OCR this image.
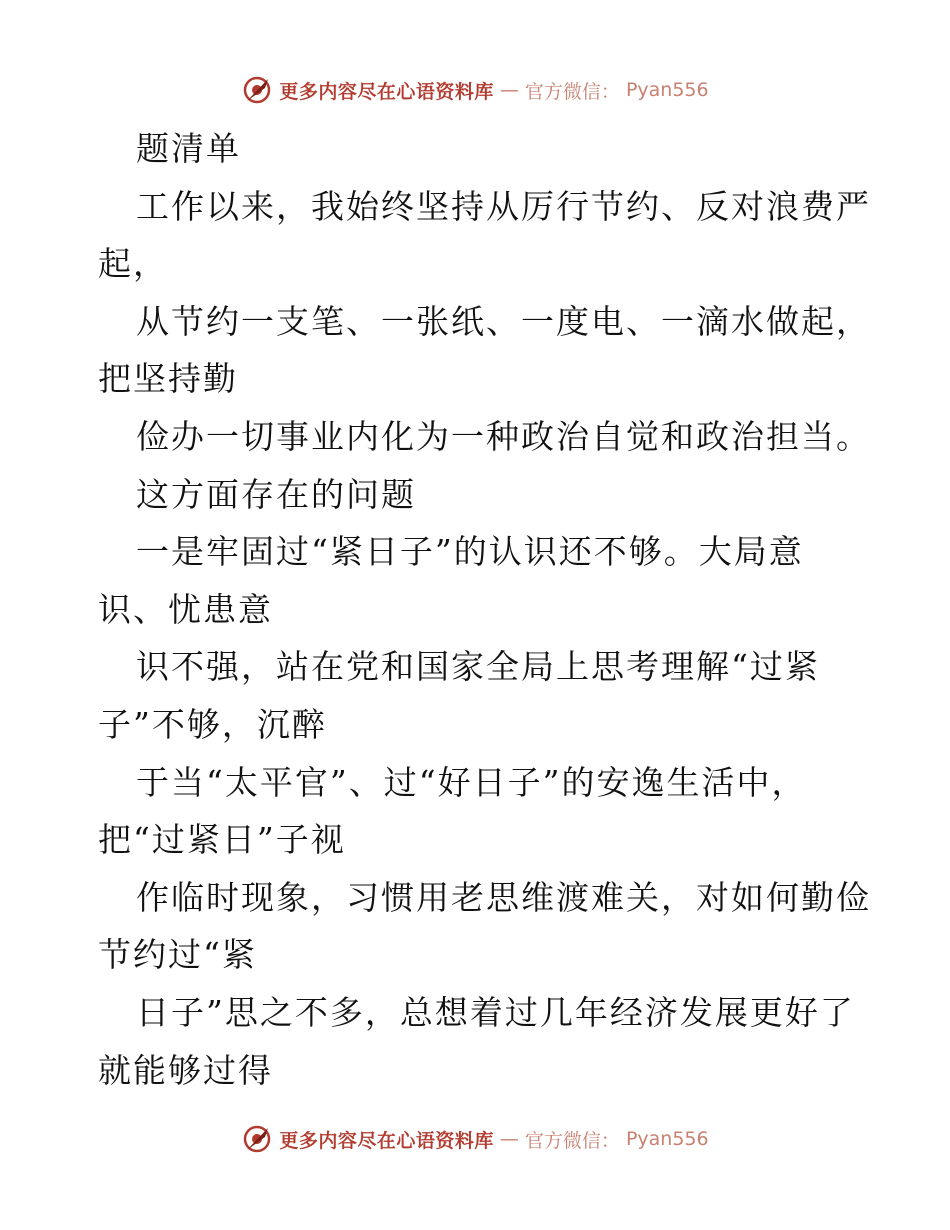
更多内容尽在心语资料库 — 官方微信： Pyan556
题清单
工作以来，我始终坚持从厉行节约、反对浪费严
起，
从节约一支笔、一张纸、一度电、一滴水做起，
把坚持勤
俭办一切事业内化为一种政治自觉和政治担当。
这方面存在的问题
一是牢固过“紧日子”的认识还不够。大局意
识、忧患意
识不强，站在党和国家全局上思考理解“过紧
子”不够，沉醉
于当“太平官”、过“好日子”的安逸生活中，
把“过紧日”子视
作临时现象，习惯用老思维渡难关，对如何勤俭
节约过“紧
日子”思之不多，总想着过几年经济发展更好了
就能够过得
更多内容尽在心语资料库 — 官方微信： Pyan556
